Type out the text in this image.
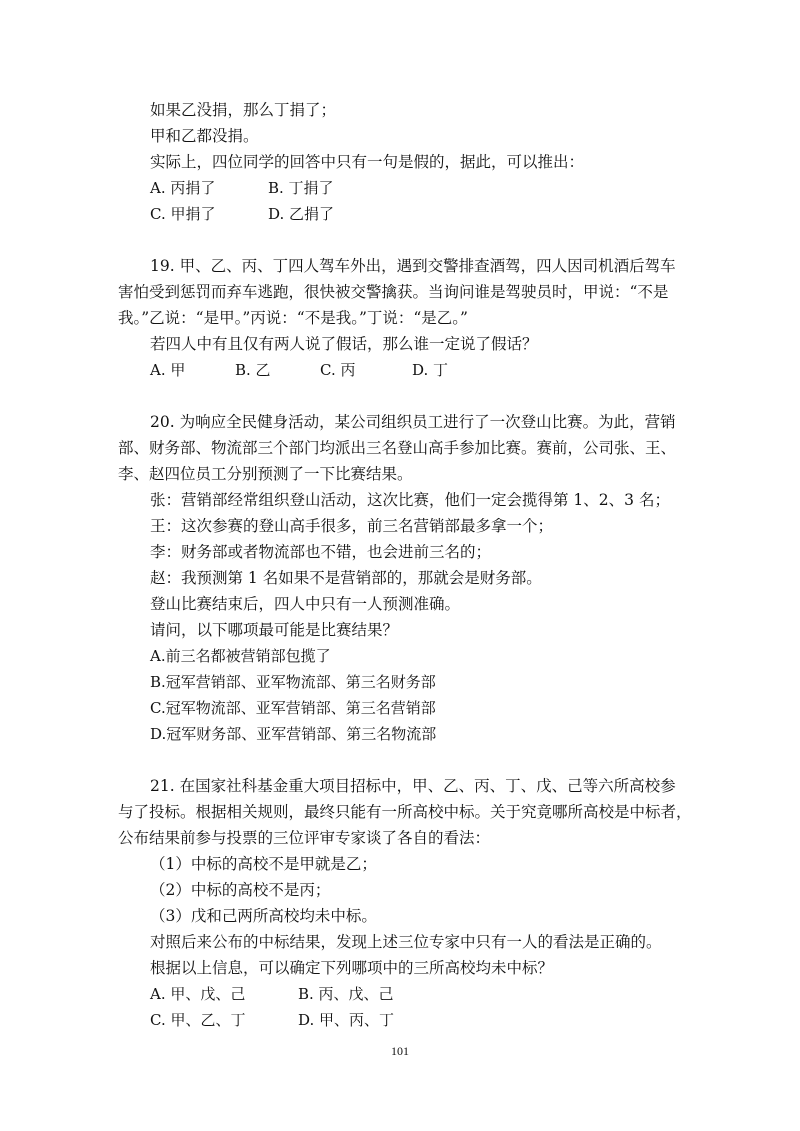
如果乙没捐，那么丁捐了；
甲和乙都没捐。
实际上，四位同学的回答中只有一句是假的，据此，可以推出：
A. 丙捐了	B. 丁捐了
C. 甲捐了	D. 乙捐了
19. 甲、乙、丙、丁四人驾车外出，遇到交警排查酒驾，四人因司机酒后驾车
害怕受到惩罚而弃车逃跑，很快被交警擒获。当询问谁是驾驶员时，甲说：“不是
我。”乙说：“是甲。”丙说：“不是我。”丁说：“是乙。”
若四人中有且仅有两人说了假话，那么谁一定说了假话？
A. 甲	B. 乙	C. 丙	D. 丁
20. 为响应全民健身活动，某公司组织员工进行了一次登山比赛。为此，营销
部、财务部、物流部三个部门均派出三名登山高手参加比赛。赛前，公司张、王、
李、赵四位员工分别预测了一下比赛结果。
张：营销部经常组织登山活动，这次比赛，他们一定会揽得第 1、2、3 名；
王：这次参赛的登山高手很多，前三名营销部最多拿一个；
李：财务部或者物流部也不错，也会进前三名的；
赵：我预测第 1 名如果不是营销部的，那就会是财务部。
登山比赛结束后，四人中只有一人预测准确。
请问，以下哪项最可能是比赛结果？
A.前三名都被营销部包揽了
B.冠军营销部、亚军物流部、第三名财务部
C.冠军物流部、亚军营销部、第三名营销部
D.冠军财务部、亚军营销部、第三名物流部
21. 在国家社科基金重大项目招标中，甲、乙、丙、丁、戊、己等六所高校参
与了投标。根据相关规则，最终只能有一所高校中标。关于究竟哪所高校是中标者，
公布结果前参与投票的三位评审专家谈了各自的看法：
（1）中标的高校不是甲就是乙；
（2）中标的高校不是丙；
（3）戊和己两所高校均未中标。
对照后来公布的中标结果，发现上述三位专家中只有一人的看法是正确的。
根据以上信息，可以确定下列哪项中的三所高校均未中标？
A. 甲、戊、己	B. 丙、戊、己
C. 甲、乙、丁	D. 甲、丙、丁
101
